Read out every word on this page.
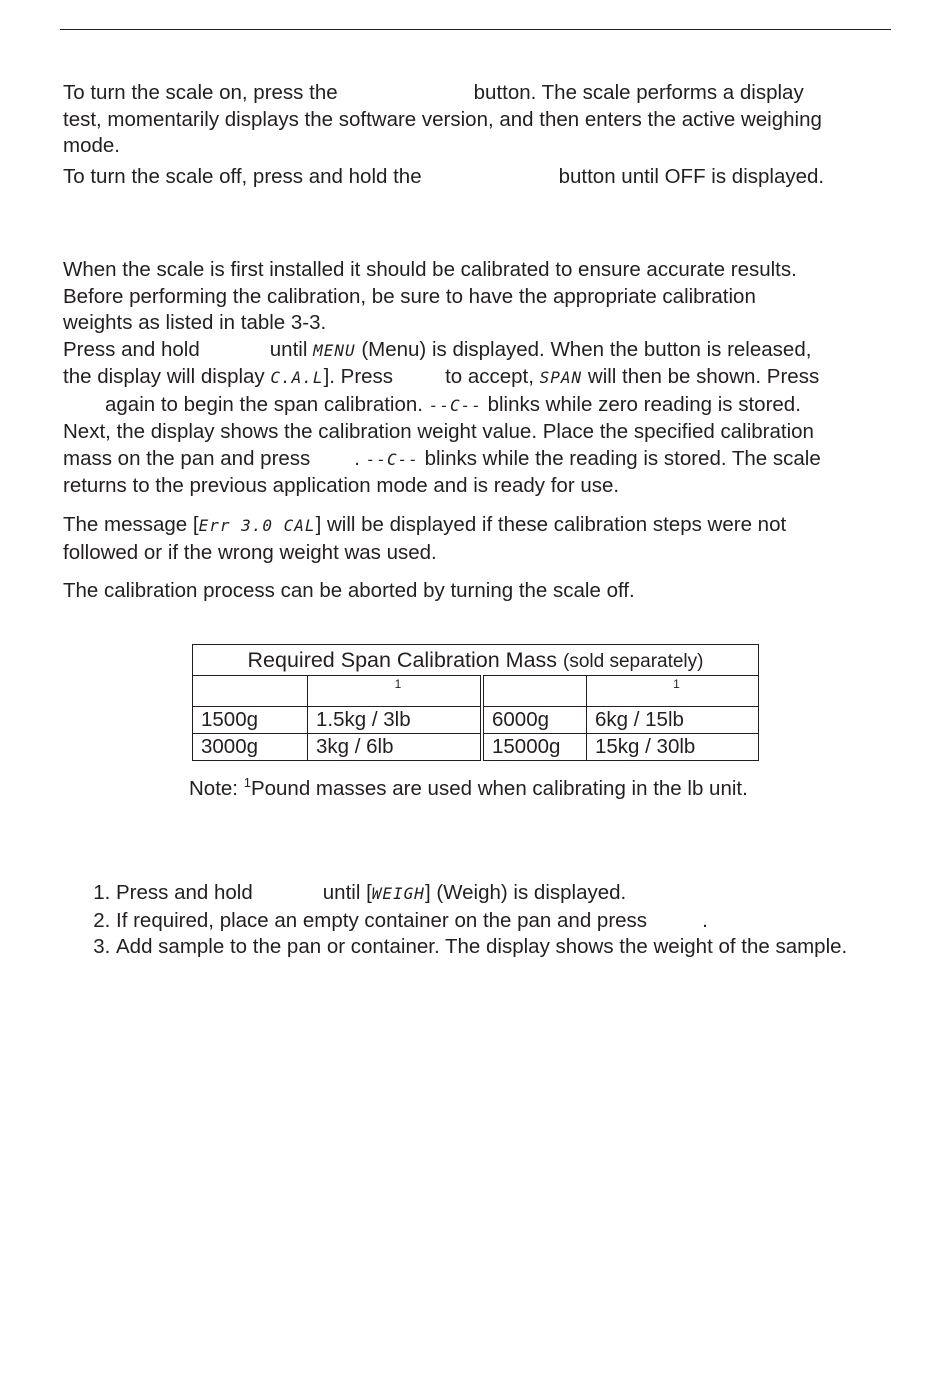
To turn the scale on, press the	button. The scale performs a display
test, momentarily displays the software version, and then enters the active weighing
mode.

To turn the scale off, press and hold the	button until OFF is displayed.

When the scale is first installed it should be calibrated to ensure accurate results.
Before performing the calibration, be sure to have the appropriate calibration
weights as listed in table 3-3.
Press and hold	until MENU (Menu) is displayed. When the button is released,
the display will display C.A.L]. Press	to accept, SPAN will then be shown. Press
again to begin the span calibration. --C-- blinks while zero reading is stored.
Next, the display shows the calibration weight value. Place the specified calibration
mass on the pan and press . --C-- blinks while the reading is stored. The scale
returns to the previous application mode and is ready for use.

The message [Err 3.0 CAL] will be displayed if these calibration steps were not
followed or if the wrong weight was used.

The calibration process can be aborted by turning the scale off.

Required Span Calibration Mass (sold separately)			
	1		1
1500g	1.5kg / 3lb	6000g	6kg / 15lb
3000g	3kg / 6lb	15000g	15kg / 30lb
Note: $^1$Pound masses are used when calibrating in the lb unit.
1. Press and hold	until [WEIGH] (Weigh) is displayed.
2. If required, place an empty container on the pan and press	.
3. Add sample to the pan or container. The display shows the weight of the sample.
